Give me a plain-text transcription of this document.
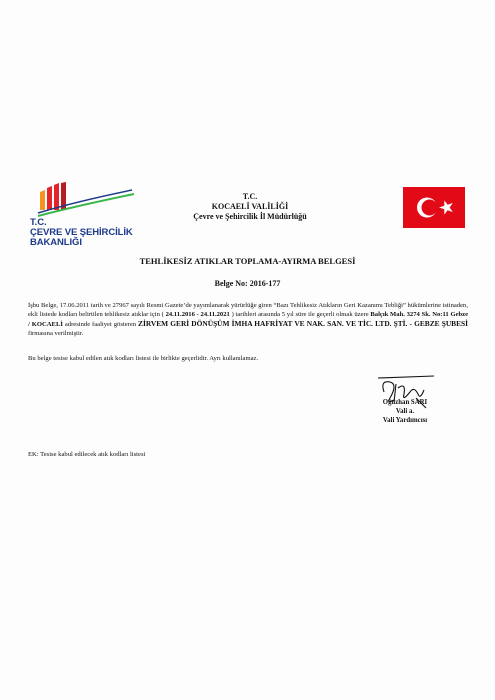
T.C.
ÇEVRE VE ŞEHİRCİLİK
BAKANLIĞI
T.C.
KOCAELİ VALİLİĞİ
Çevre ve Şehircilik İl Müdürlüğü
TEHLİKESİZ ATIKLAR TOPLAMA-AYIRMA BELGESİ
Belge No: 2016-177
İşbu Belge, 17.06.2011 tarih ve 27967 sayılı Resmi Gazete’de yayımlanarak yürürlüğe giren “Bazı Tehlikesiz Atıkların Geri Kazanımı Tebliği” hükümlerine istinaden, ekli listede kodları belirtilen tehlikesiz atıklar için ( 24.11.2016 - 24.11.2021 ) tarihleri arasında 5 yıl süre ile geçerli olmak üzere Balçık Mah. 3274 Sk. No:11 Gebze / KOCAELİ adresinde faaliyet gösteren ZİRVEM GERİ DÖNÜŞÜM İMHA HAFRİYAT VE NAK. SAN. VE TİC. LTD. ŞTİ. - GEBZE ŞUBESİ firmasına verilmiştir.
Bu belge tesise kabul edilen atık kodları listesi ile birlikte geçerlidir. Ayrı kullanılamaz.
Oğuzhan SARI
Vali a.
Vali Yardımcısı
EK: Tesise kabul edilecek atık kodları listesi
